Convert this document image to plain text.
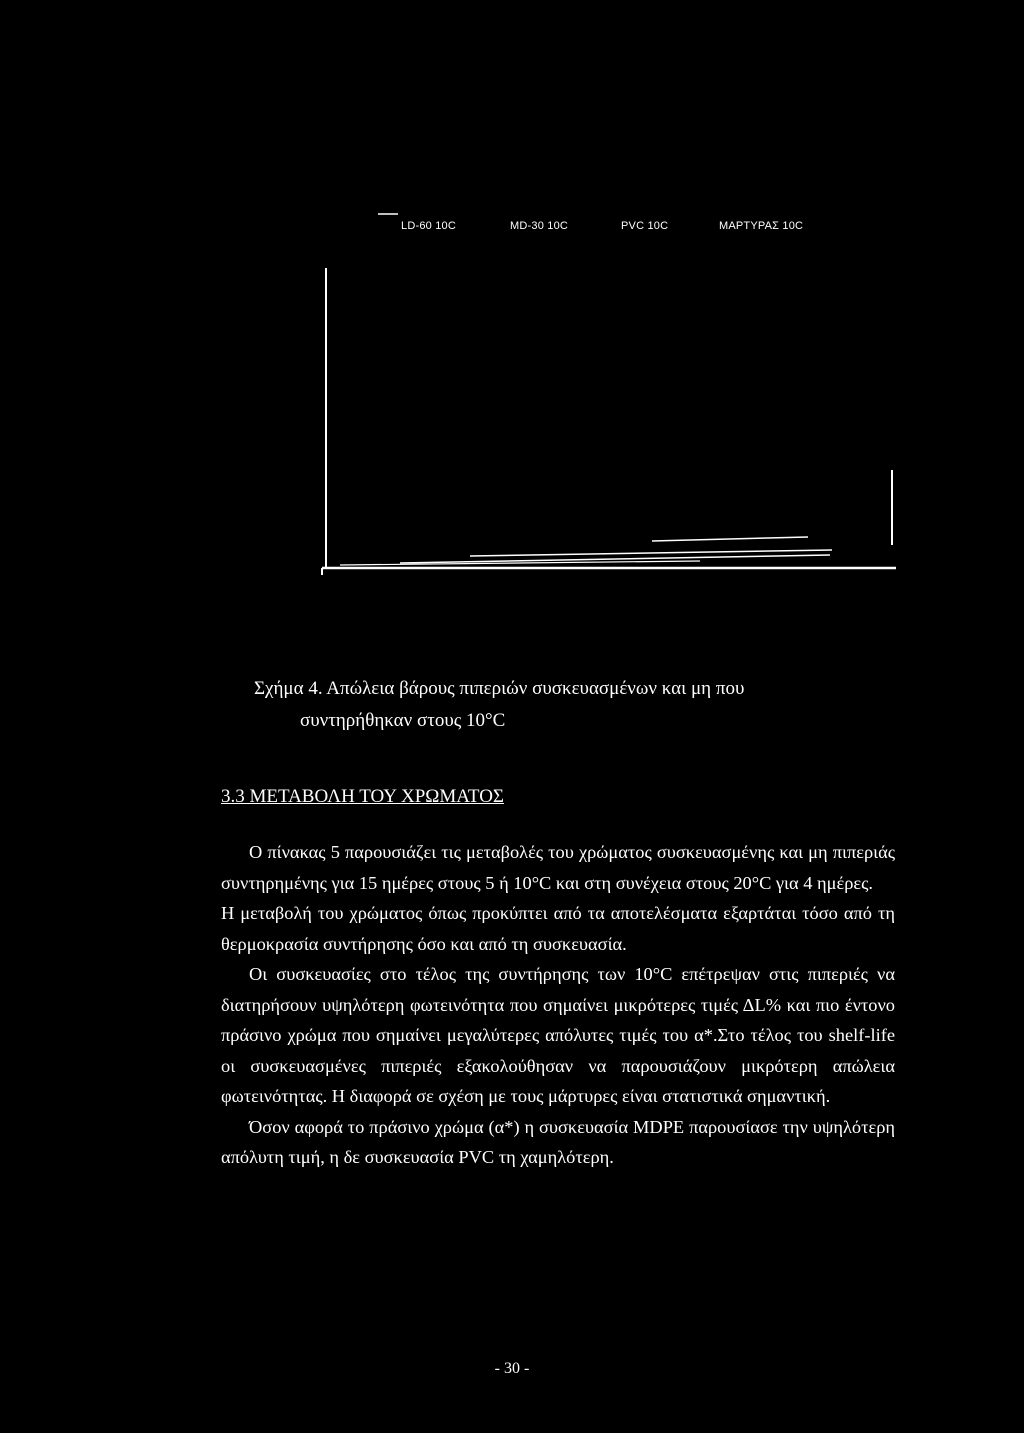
LD-60 10C	MD-30 10C	PVC 10C	ΜΑΡΤΥΡΑΣ 10C
Σχήμα 4. Απώλεια βάρους πιπεριών συσκευασμένων και μη που
συντηρήθηκαν στους 10°C
3.3 ΜΕΤΑΒΟΛΗ ΤΟΥ ΧΡΩΜΑΤΟΣ

Ο πίνακας 5 παρουσιάζει τις μεταβολές του χρώματος συσκευασμένης και μη πιπεριάς συντηρημένης για 15 ημέρες στους 5 ή 10°C και στη συνέχεια στους 20°C για 4 ημέρες.

Η μεταβολή του χρώματος όπως προκύπτει από τα αποτελέσματα εξαρτάται τόσο από τη θερμοκρασία συντήρησης όσο και από τη συσκευασία.

Οι συσκευασίες στο τέλος της συντήρησης των 10°C επέτρεψαν στις πιπεριές να διατηρήσουν υψηλότερη φωτεινότητα που σημαίνει μικρότερες τιμές ΔL% και πιο έντονο πράσινο χρώμα που σημαίνει μεγαλύτερες απόλυτες τιμές του α*.Στο τέλος του shelf-life οι συσκευασμένες πιπεριές εξακολούθησαν να παρουσιάζουν μικρότερη απώλεια φωτεινότητας. Η διαφορά σε σχέση με τους μάρτυρες είναι στατιστικά σημαντική.

Όσον αφορά το πράσινο χρώμα (α*) η συσκευασία MDPE παρουσίασε την υψηλότερη απόλυτη τιμή, η δε συσκευασία PVC τη χαμηλότερη.

- 30 -
